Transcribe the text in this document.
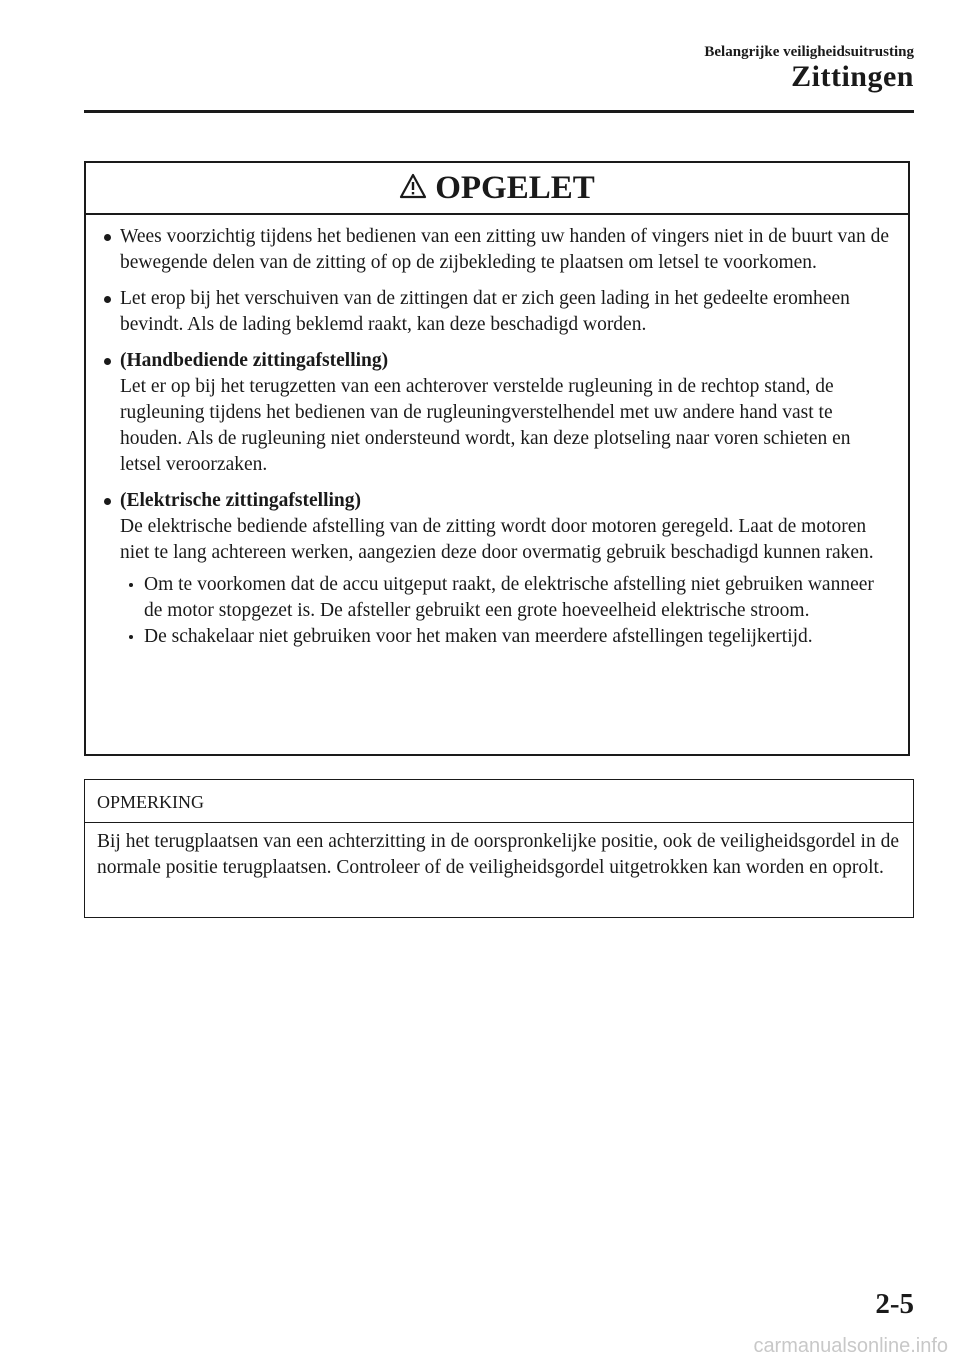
Belangrijke veiligheidsuitrusting
Zittingen
OPGELET
Wees voorzichtig tijdens het bedienen van een zitting uw handen of vingers niet in de buurt van de bewegende delen van de zitting of op de zijbekleding te plaatsen om letsel te voorkomen.
Let erop bij het verschuiven van de zittingen dat er zich geen lading in het gedeelte eromheen bevindt. Als de lading beklemd raakt, kan deze beschadigd worden.
(Handbediende zittingafstelling)
Let er op bij het terugzetten van een achterover verstelde rugleuning in de rechtop stand, de rugleuning tijdens het bedienen van de rugleuningverstelhendel met uw andere hand vast te houden. Als de rugleuning niet ondersteund wordt, kan deze plotseling naar voren schieten en letsel veroorzaken.
(Elektrische zittingafstelling)
De elektrische bediende afstelling van de zitting wordt door motoren geregeld. Laat de motoren niet te lang achtereen werken, aangezien deze door overmatig gebruik beschadigd kunnen raken.
Om te voorkomen dat de accu uitgeput raakt, de elektrische afstelling niet gebruiken wanneer de motor stopgezet is. De afsteller gebruikt een grote hoeveelheid elektrische stroom.
De schakelaar niet gebruiken voor het maken van meerdere afstellingen tegelijkertijd.
OPMERKING
Bij het terugplaatsen van een achterzitting in de oorspronkelijke positie, ook de veiligheidsgordel in de normale positie terugplaatsen. Controleer of de veiligheidsgordel uitgetrokken kan worden en oprolt.
2-5
carmanualsonline.info
